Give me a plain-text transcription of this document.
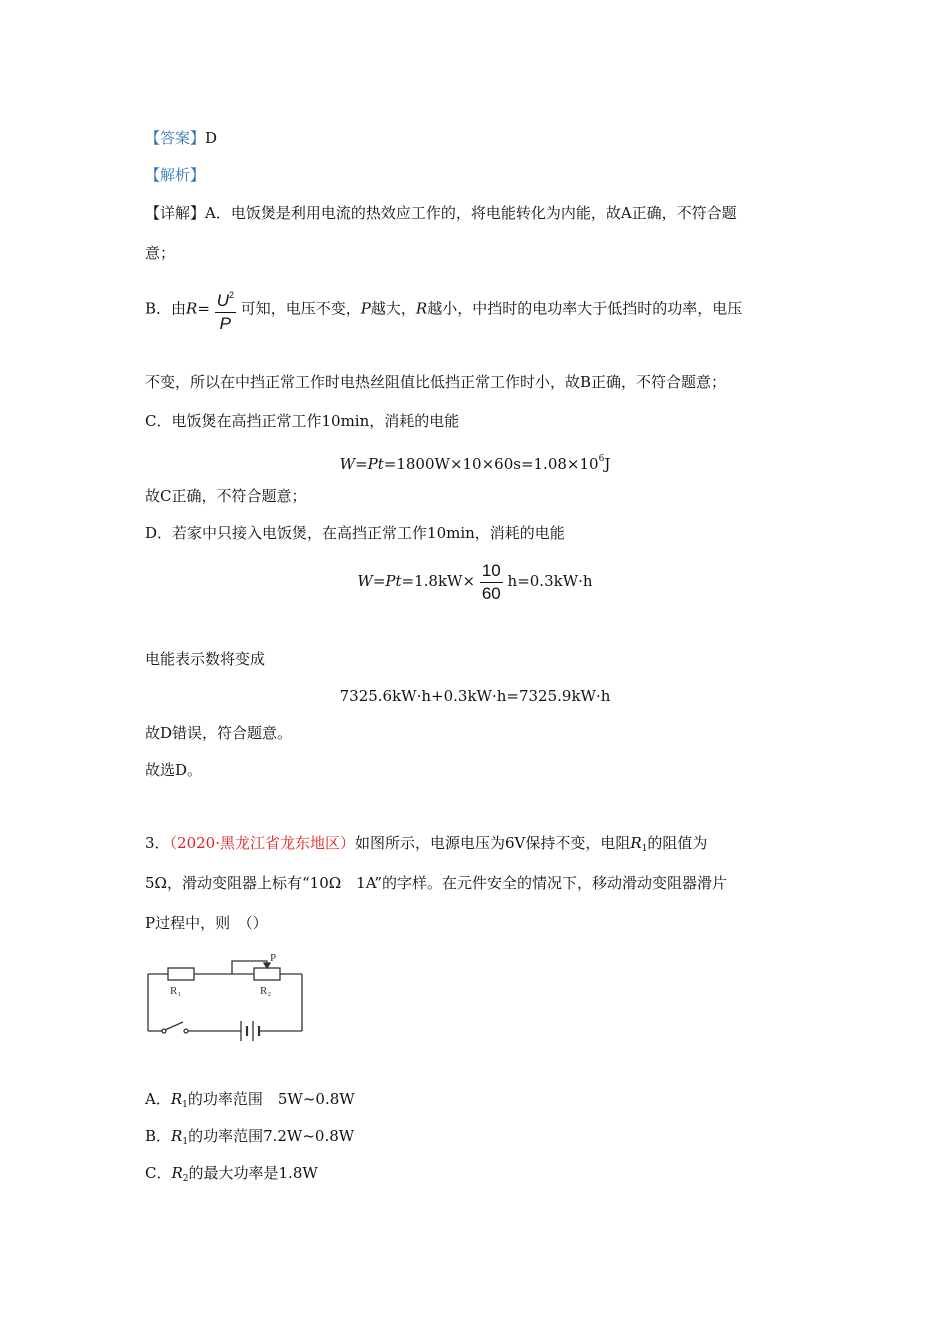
【答案】D
【解析】
【详解】A．电饭煲是利用电流的热效应工作的，将电能转化为内能，故A正确，不符合题
意；
B．由$R= \frac{U^2}{P}$ 可知，电压不变，P越大，R越小，中挡时的电功率大于低挡时的功率，电压
不变，所以在中挡正常工作时电热丝阻值比低挡正常工作时小，故B正确，不符合题意；
C．电饭煲在高挡正常工作10min，消耗的电能
$W=Pt=1800W\times 10\times 60s=1.08\times 10^6J$
故C正确，不符合题意；
D．若家中只接入电饭煲，在高挡正常工作10min，消耗的电能
$W=Pt=1.8kW\times \frac{10}{60} h=0.3kW\cdot h$
电能表示数将变成
7325.6kW·h+0.3kW·h=7325.9kW·h
故D错误，符合题意。
故选D。
3．（2020·黑龙江省龙东地区）如图所示，电源电压为6V保持不变，电阻$R_1$的阻值为
5Ω，滑动变阻器上标有“10Ω　1A”的字样。在元件安全的情况下，移动滑动变阻器滑片
P过程中，则　（）
P
R₁	R₂
A．$R_1$的功率范围　5W~0.8W
B．$R_1$的功率范围7.2W~0.8W
C．$R_2$的最大功率是1.8W
